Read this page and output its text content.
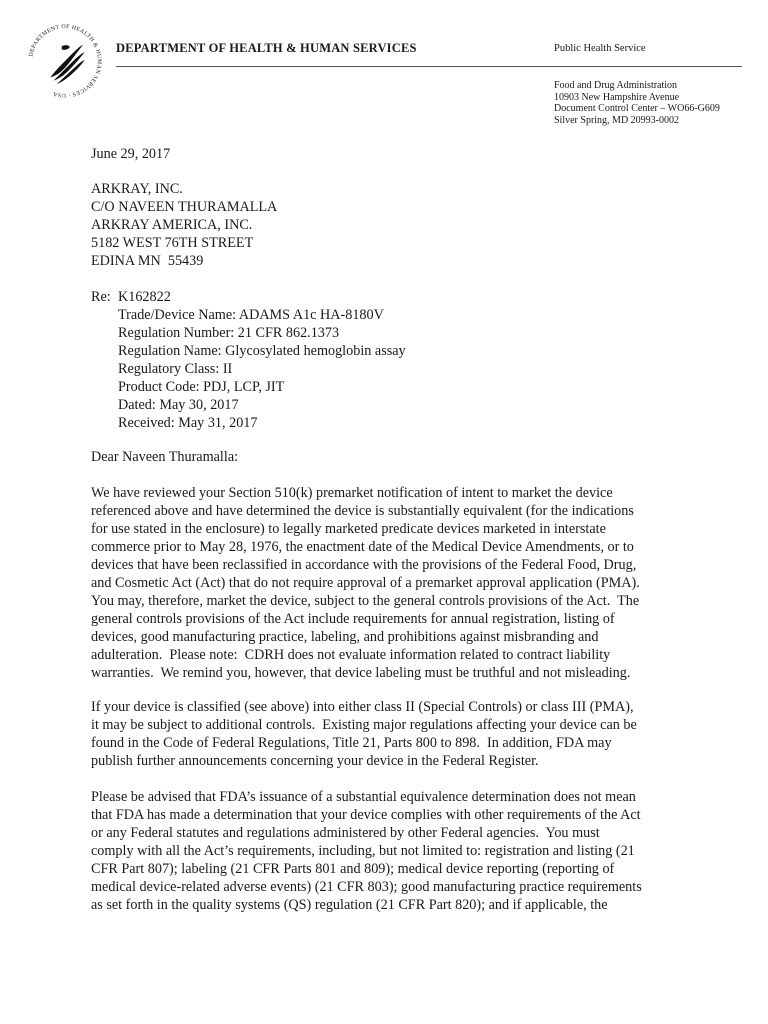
DEPARTMENT OF HEALTH & HUMAN SERVICES · USA
DEPARTMENT OF HEALTH & HUMAN SERVICES	Public Health Service
Food and Drug Administration
10903 New Hampshire Avenue
Document Control Center – WO66-G609
Silver Spring, MD 20993-0002
June 29, 2017
ARKRAY, INC.
C/O NAVEEN THURAMALLA
ARKRAY AMERICA, INC.
5182 WEST 76TH STREET
EDINA MN  55439
Re: K162822
Trade/Device Name: ADAMS A1c HA-8180V
Regulation Number: 21 CFR 862.1373
Regulation Name: Glycosylated hemoglobin assay
Regulatory Class: II
Product Code: PDJ, LCP, JIT
Dated: May 30, 2017
Received: May 31, 2017
Dear Naveen Thuramalla:
We have reviewed your Section 510(k) premarket notification of intent to market the device
referenced above and have determined the device is substantially equivalent (for the indications
for use stated in the enclosure) to legally marketed predicate devices marketed in interstate
commerce prior to May 28, 1976, the enactment date of the Medical Device Amendments, or to
devices that have been reclassified in accordance with the provisions of the Federal Food, Drug,
and Cosmetic Act (Act) that do not require approval of a premarket approval application (PMA).
You may, therefore, market the device, subject to the general controls provisions of the Act.  The
general controls provisions of the Act include requirements for annual registration, listing of
devices, good manufacturing practice, labeling, and prohibitions against misbranding and
adulteration.  Please note:  CDRH does not evaluate information related to contract liability
warranties.  We remind you, however, that device labeling must be truthful and not misleading.
If your device is classified (see above) into either class II (Special Controls) or class III (PMA),
it may be subject to additional controls.  Existing major regulations affecting your device can be
found in the Code of Federal Regulations, Title 21, Parts 800 to 898.  In addition, FDA may
publish further announcements concerning your device in the Federal Register.
Please be advised that FDA’s issuance of a substantial equivalence determination does not mean
that FDA has made a determination that your device complies with other requirements of the Act
or any Federal statutes and regulations administered by other Federal agencies.  You must
comply with all the Act’s requirements, including, but not limited to: registration and listing (21
CFR Part 807); labeling (21 CFR Parts 801 and 809); medical device reporting (reporting of
medical device-related adverse events) (21 CFR 803); good manufacturing practice requirements
as set forth in the quality systems (QS) regulation (21 CFR Part 820); and if applicable, the
